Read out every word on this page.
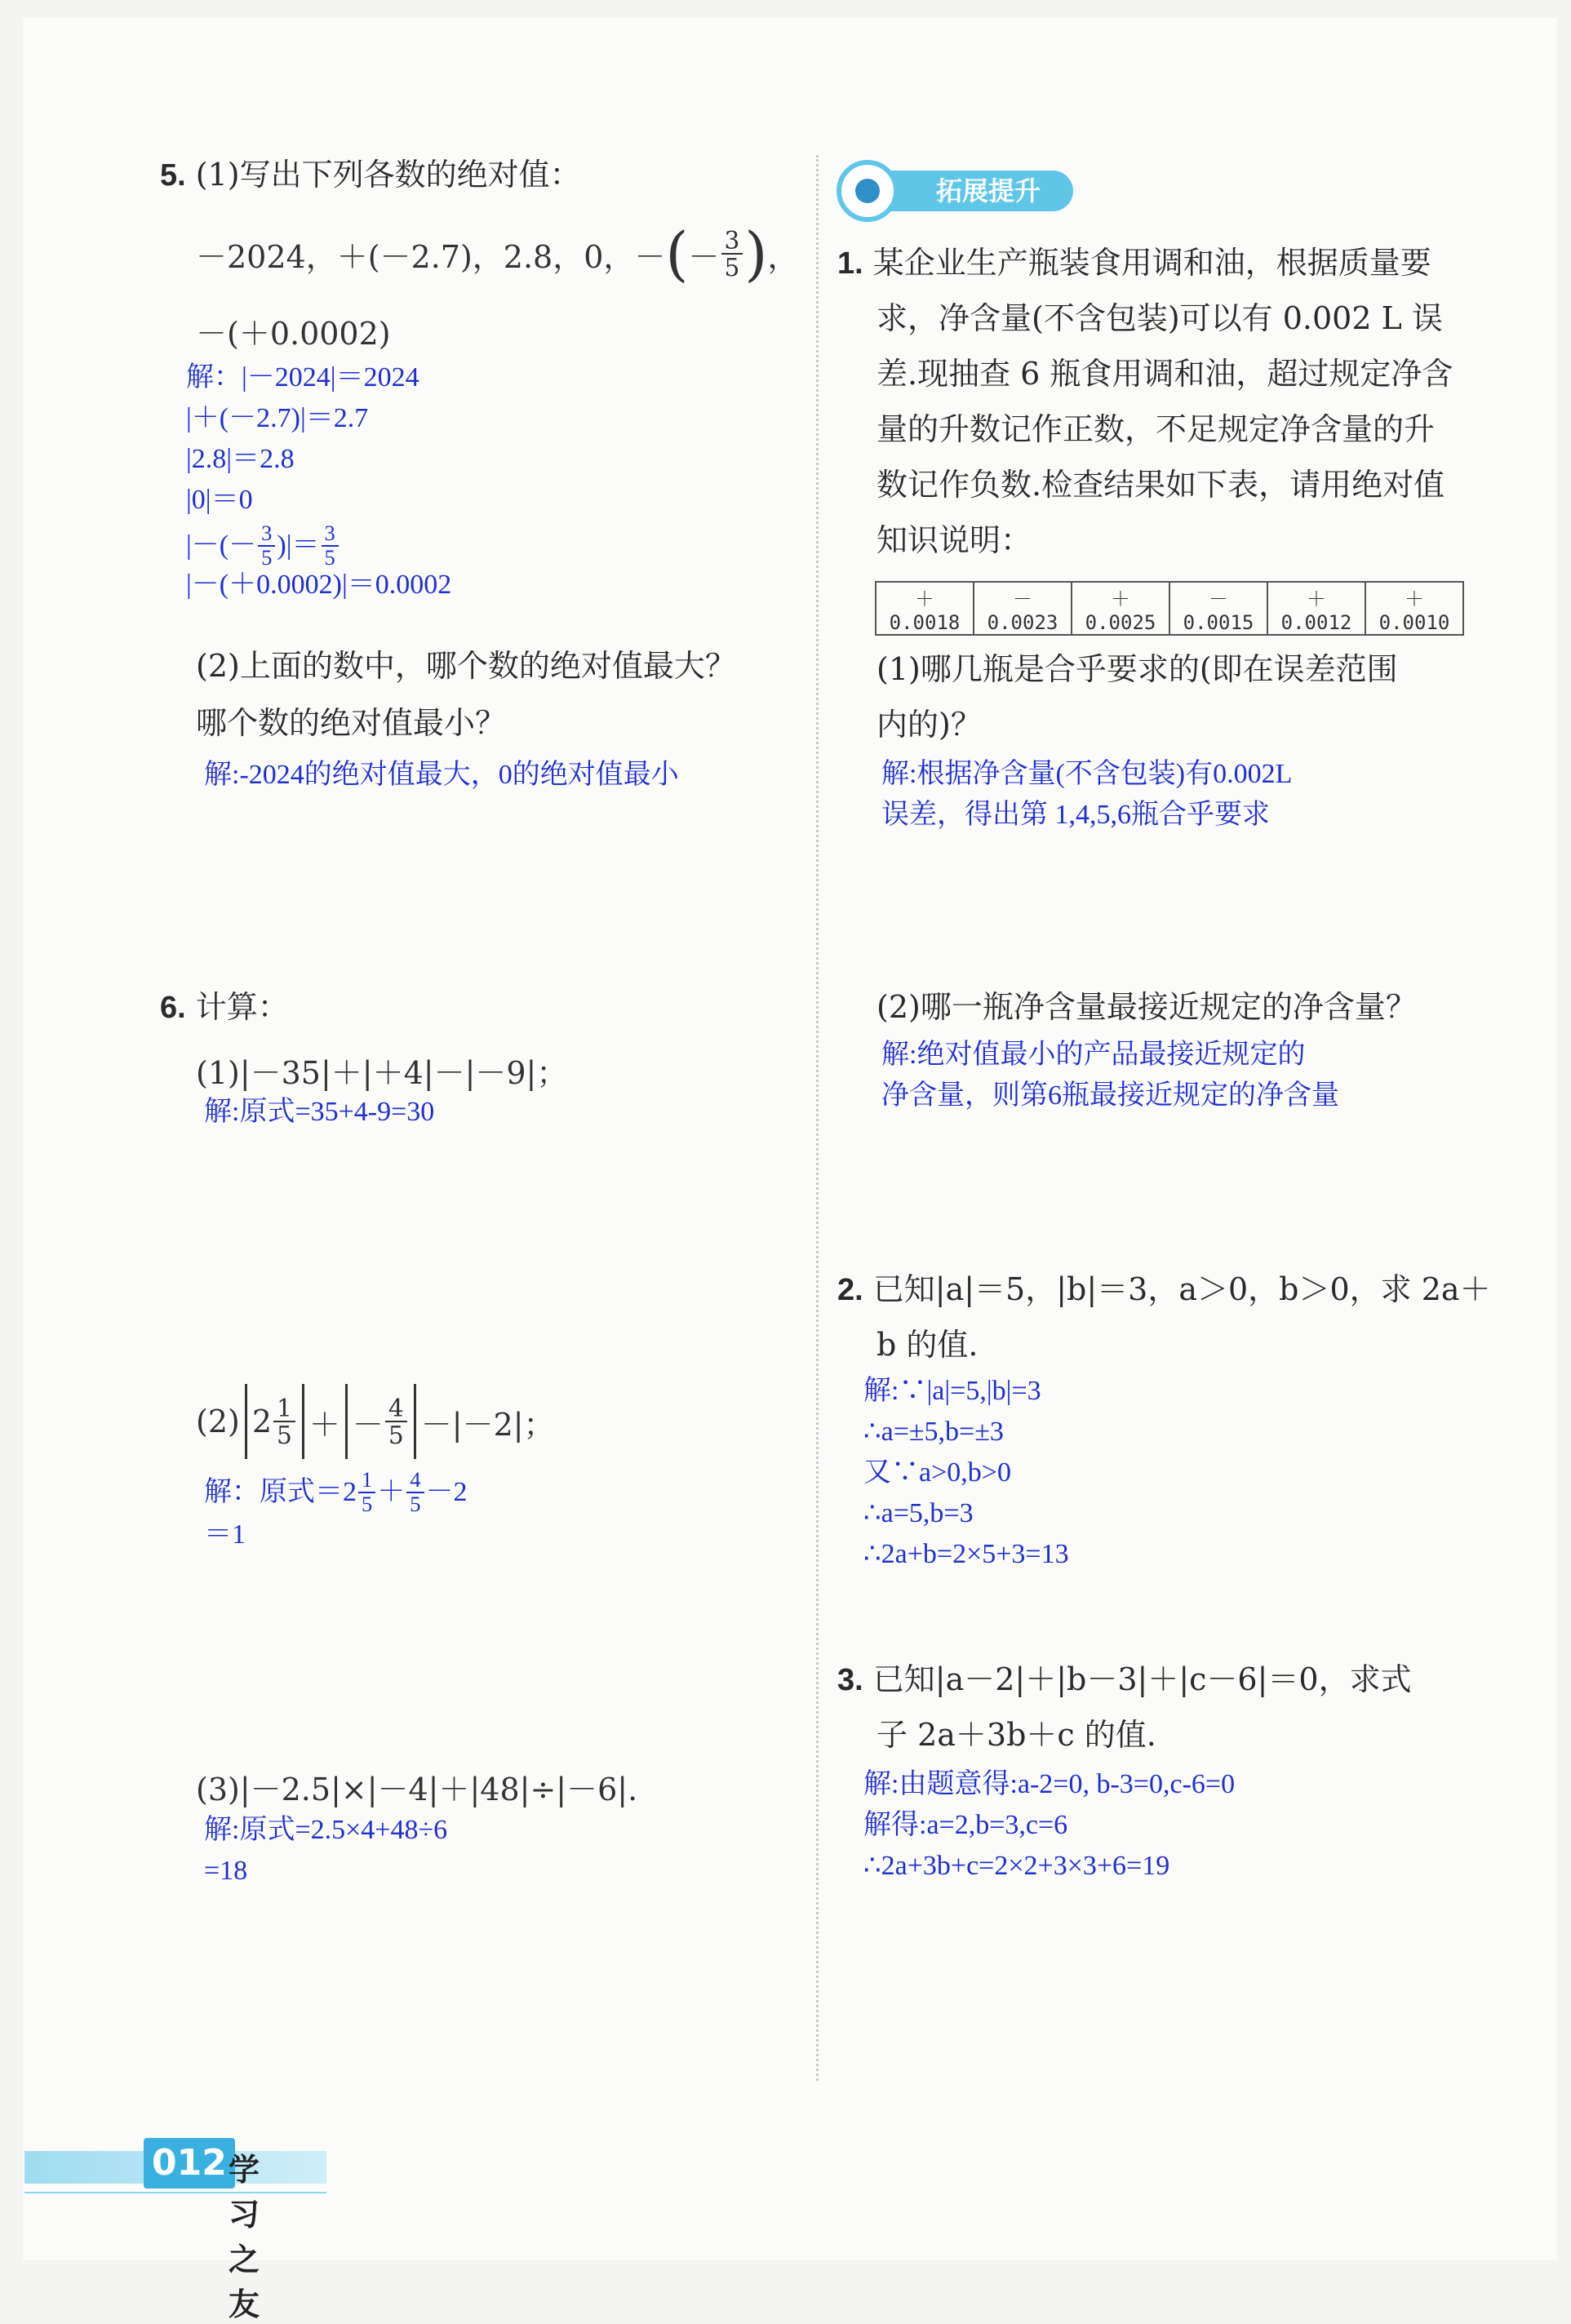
5. (1)写出下列各数的绝对值：
－2024，＋(－2.7)，2.8，0，－ ( － $\frac{3}{5}$ ) ，
－(＋0.0002)
解：|－2024|＝2024
|＋(－2.7)|＝2.7
|2.8|＝2.8
|0|＝0
|－(－ $\frac{3}{5}$ )|＝ $\frac{3}{5}$
|－(＋0.0002)|＝0.0002
(2)上面的数中，哪个数的绝对值最大？
哪个数的绝对值最小？
解:-2024的绝对值最大，0的绝对值最小
6. 计算：
(1)|－35|＋|＋4|－|－9|；
解:原式=35+4-9=30
(2) $2 \frac{1}{5}$ ＋ － $\frac{4}{5} -|-2|$；
解：原式$=2 \frac{1}{5} + \frac{4}{5} -2$
＝1
(3)|－2.5|×|－4|＋|48|÷|－6|.
解:原式=2.5×4+48÷6
=18
拓展提升
1. 某企业生产瓶装食用调和油，根据质量要
求，净含量(不含包装)可以有 0.002 L 误
差.现抽查 6 瓶食用调和油，超过规定净含
量的升数记作正数，不足规定净含量的升
数记作负数.检查结果如下表，请用绝对值
知识说明：
＋0.0018	－0.0023	＋0.0025	－0.0015	＋0.0012	＋0.0010
(1)哪几瓶是合乎要求的(即在误差范围
内的)？
解:根据净含量(不含包装)有0.002L
误差，得出第 1,4,5,6瓶合乎要求
(2)哪一瓶净含量最接近规定的净含量？
解:绝对值最小的产品最接近规定的
净含量，则第6瓶最接近规定的净含量
2. 已知|a|＝5，|b|＝3，a＞0，b＞0，求 2a＋
b 的值.
解:∵|a|=5,|b|=3
∴a=±5,b=±3
又∵a>0,b>0
∴a=5,b=3
∴2a+b=2×5+3=13
3. 已知|a－2|＋|b－3|＋|c－6|＝0，求式
子 2a＋3b＋c 的值.
解:由题意得:a-2=0, b-3=0,c-6=0
解得:a=2,b=3,c=6
∴2a+3b+c=2×2+3×3+6=19
012 学习之友
